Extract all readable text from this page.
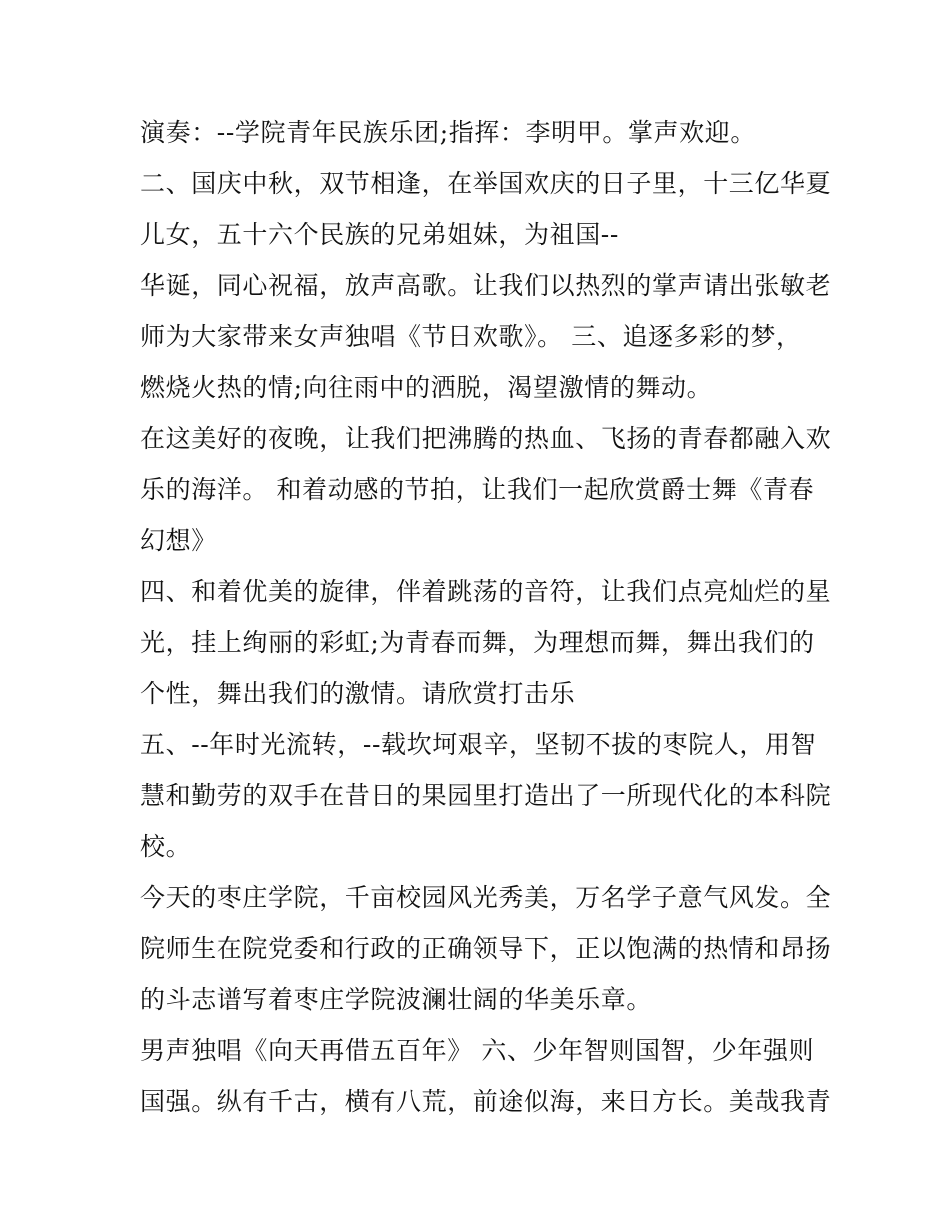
演奏：--学院青年民族乐团;指挥：李明甲。掌声欢迎。
二、国庆中秋，双节相逢，在举国欢庆的日子里，十三亿华夏
儿女，五十六个民族的兄弟姐妹，为祖国--
华诞，同心祝福，放声高歌。让我们以热烈的掌声请出张敏老
师为大家带来女声独唱《节日欢歌》。 三、追逐多彩的梦，
燃烧火热的情;向往雨中的洒脱，渴望激情的舞动。
在这美好的夜晚，让我们把沸腾的热血、飞扬的青春都融入欢
乐的海洋。 和着动感的节拍，让我们一起欣赏爵士舞《青春
幻想》
四、和着优美的旋律，伴着跳荡的音符，让我们点亮灿烂的星
光，挂上绚丽的彩虹;为青春而舞，为理想而舞，舞出我们的
个性，舞出我们的激情。请欣赏打击乐
五、--年时光流转，--载坎坷艰辛，坚韧不拔的枣院人，用智
慧和勤劳的双手在昔日的果园里打造出了一所现代化的本科院
校。
今天的枣庄学院，千亩校园风光秀美，万名学子意气风发。全
院师生在院党委和行政的正确领导下，正以饱满的热情和昂扬
的斗志谱写着枣庄学院波澜壮阔的华美乐章。
男声独唱《向天再借五百年》 六、少年智则国智，少年强则
国强。纵有千古，横有八荒，前途似海，来日方长。美哉我青
